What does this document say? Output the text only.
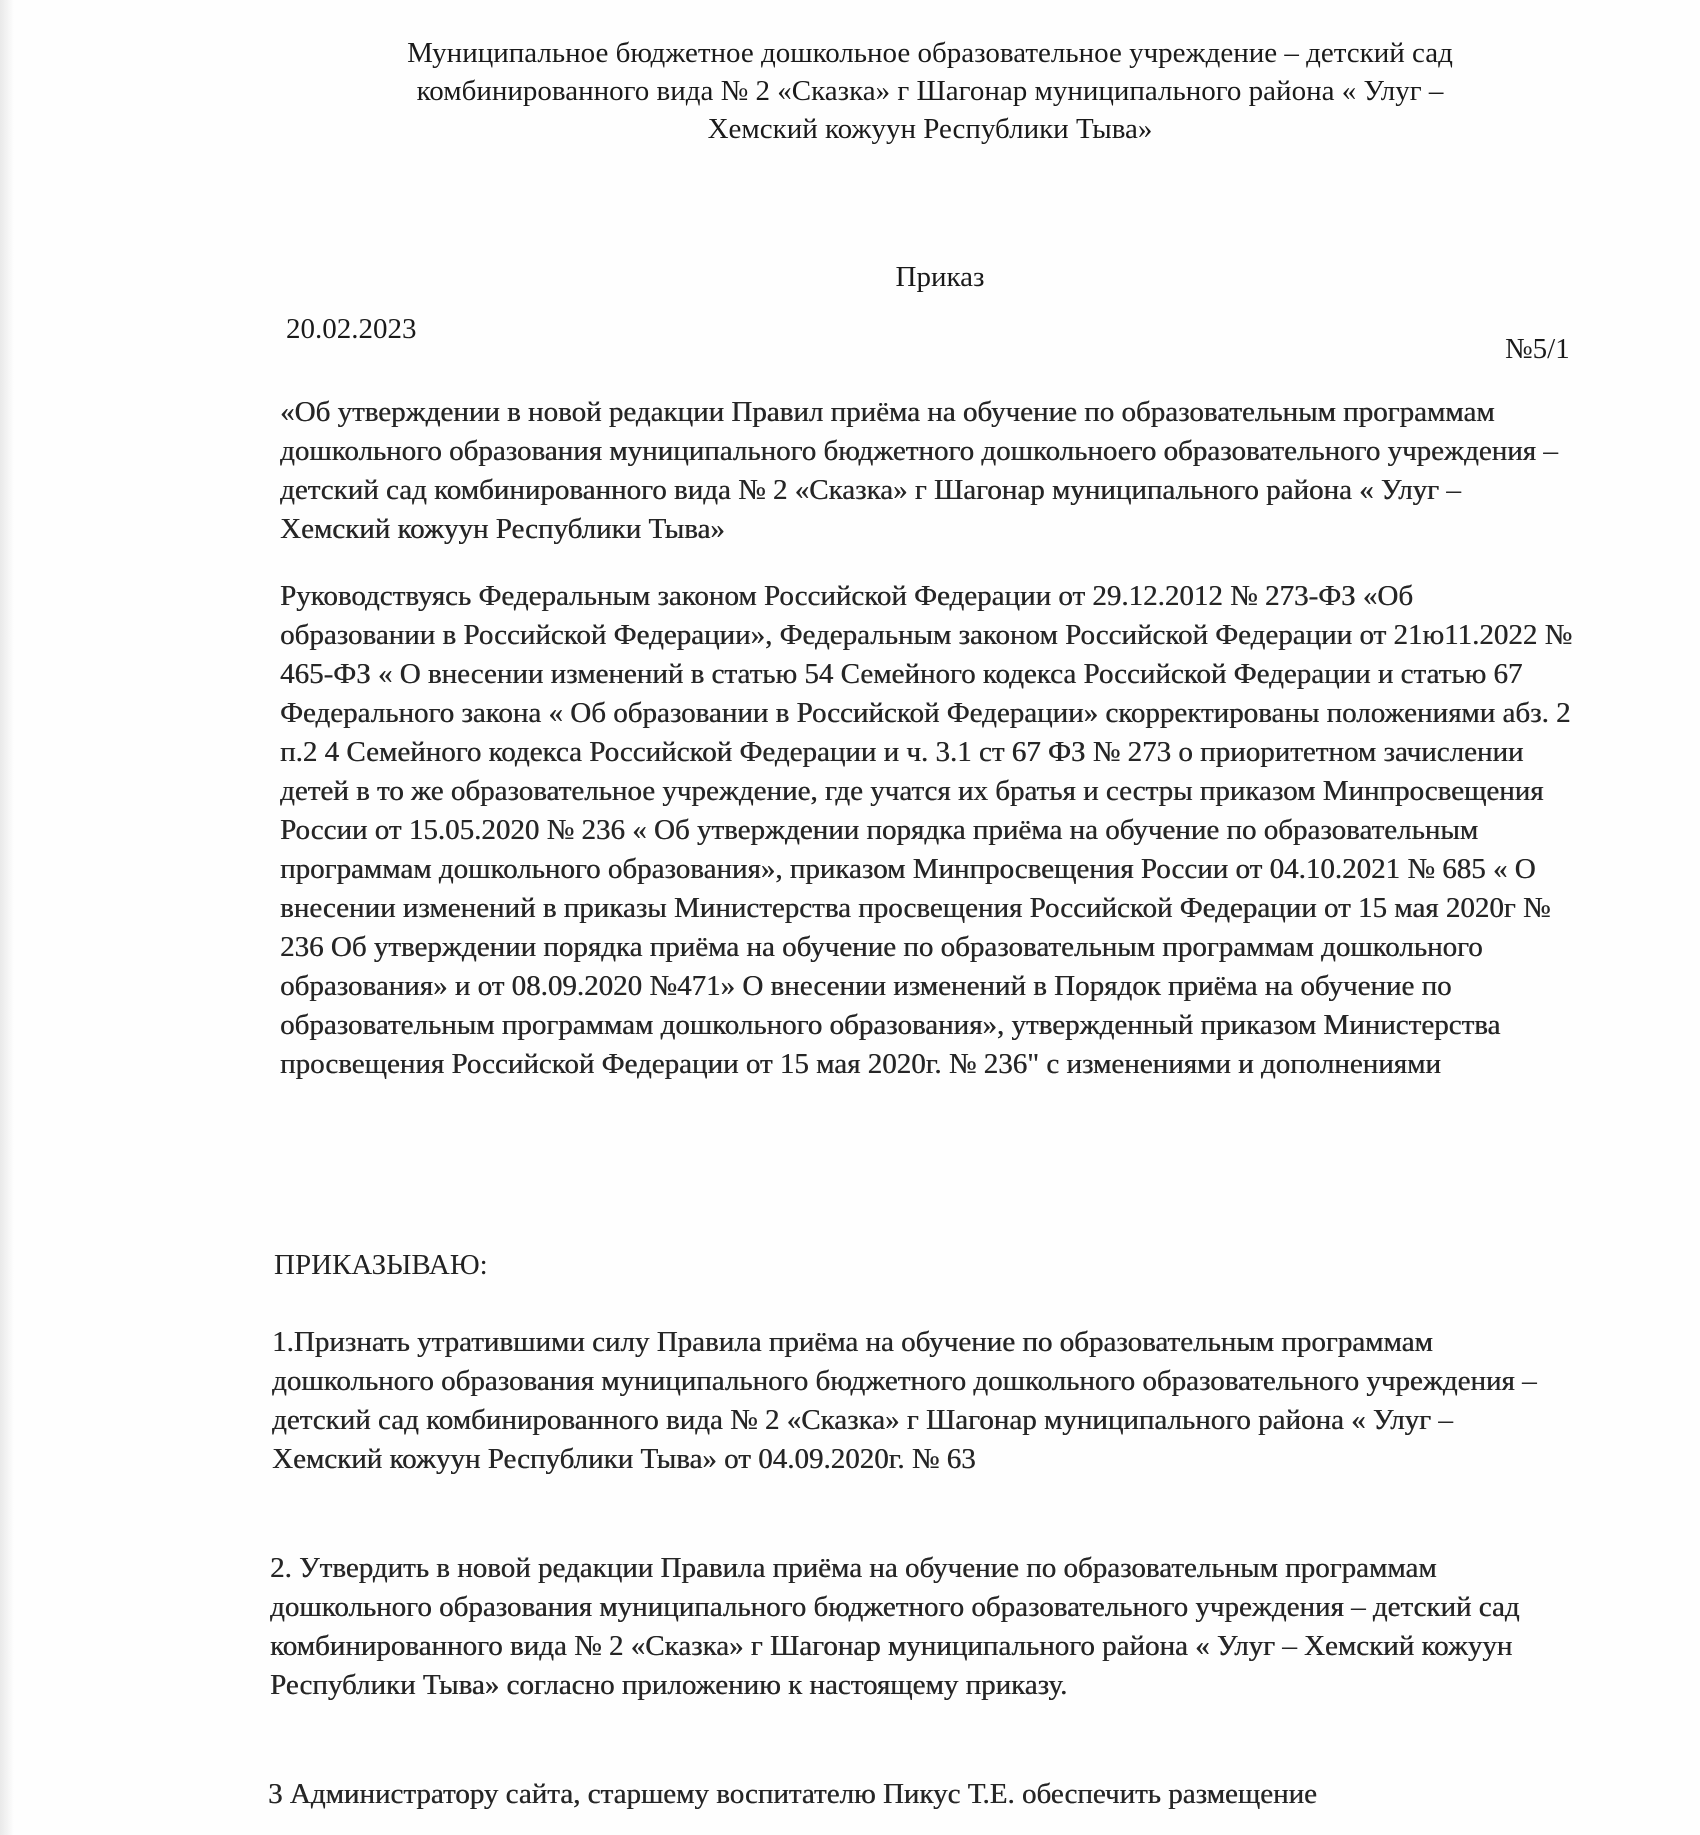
Муниципальное бюджетное дошкольное образовательное учреждение – детский сад
комбинированного вида № 2 «Сказка» г Шагонар муниципального района « Улуг –
Хемский кожуун Республики Тыва»
Приказ
20.02.2023
№5/1
«Об утверждении в новой редакции Правил приёма на обучение по образовательным программам дошкольного образования муниципального бюджетного дошкольноего образовательного учреждения – детский сад комбинированного вида № 2 «Сказка» г Шагонар муниципального района « Улуг – Хемский кожуун Республики Тыва»
Руководствуясь Федеральным законом Российской Федерации от 29.12.2012 № 273-ФЗ «Об образовании в Российской Федерации», Федеральным законом Российской Федерации от 21ю11.2022 № 465-ФЗ « О внесении изменений в статью 54 Семейного кодекса Российской Федерации и статью 67 Федерального закона « Об образовании в Российской Федерации» скорректированы положениями абз. 2 п.2 4 Семейного кодекса Российской Федерации и ч. 3.1 ст 67 ФЗ № 273 о приоритетном зачислении детей в то же образовательное учреждение, где учатся их братья и сестры приказом Минпросвещения России от 15.05.2020 № 236 « Об утверждении порядка приёма на обучение по образовательным программам дошкольного образования», приказом Минпросвещения России от 04.10.2021 № 685 « О внесении изменений в приказы Министерства просвещения Российской Федерации от 15 мая 2020г № 236 Об утверждении порядка приёма на обучение по образовательным программам дошкольного образования» и от 08.09.2020 №471» О внесении изменений в Порядок приёма на обучение по образовательным программам дошкольного образования», утвержденный приказом Министерства просвещения Российской Федерации от 15 мая 2020г. № 236" с изменениями и дополнениями
ПРИКАЗЫВАЮ:
1.Признать утратившими силу Правила приёма на обучение по образовательным программам дошкольного образования муниципального бюджетного дошкольного образовательного учреждения – детский сад комбинированного вида № 2 «Сказка» г Шагонар муниципального района « Улуг – Хемский кожуун Республики Тыва» от 04.09.2020г. № 63
2. Утвердить в новой редакции Правила приёма на обучение по образовательным программам дошкольного образования муниципального бюджетного образовательного учреждения – детский сад комбинированного вида № 2 «Сказка» г Шагонар муниципального района « Улуг – Хемский кожуун Республики Тыва» согласно приложению к настоящему приказу.
3 Администратору сайта, старшему воспитателю Пикус Т.Е. обеспечить размещение
